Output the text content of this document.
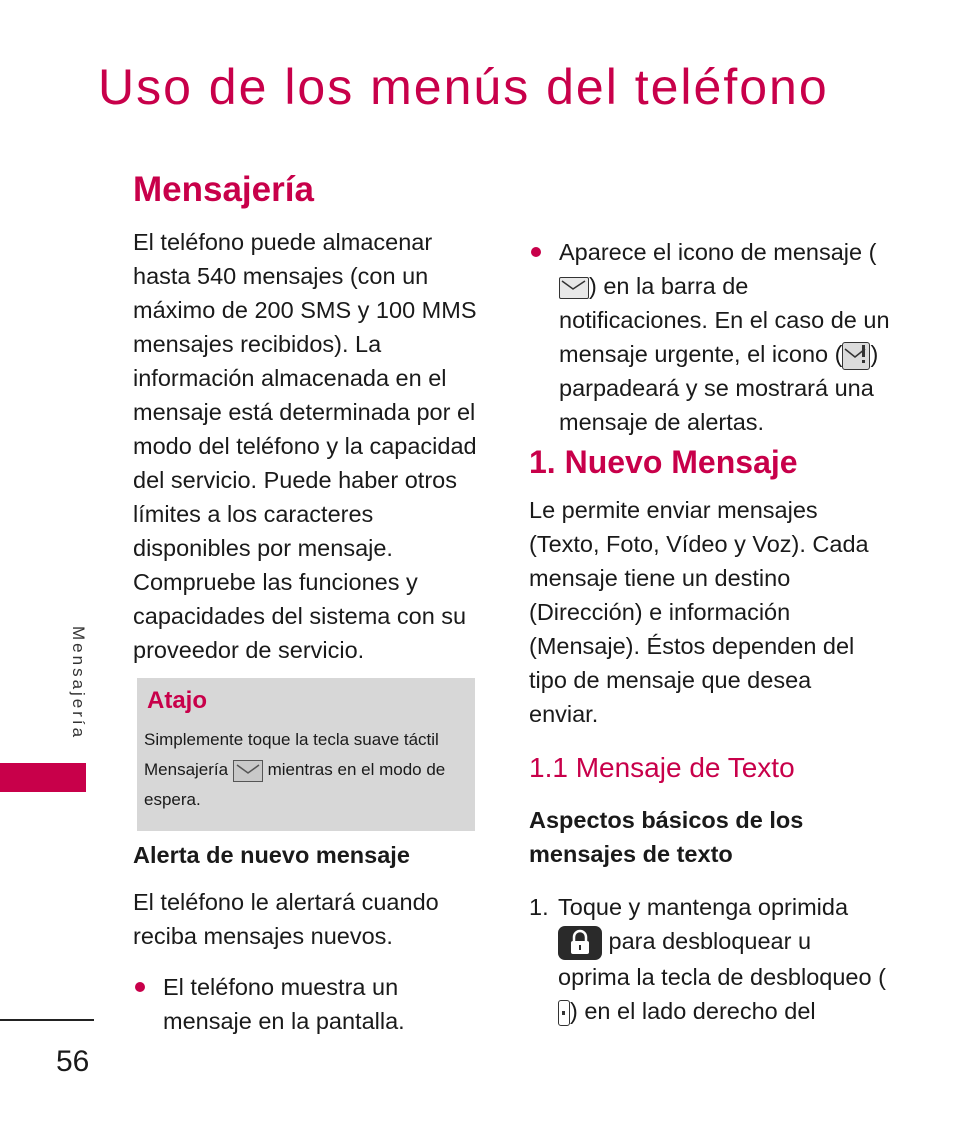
Uso de los menús del teléfono
Mensajería

El teléfono puede almacenar hasta 540 mensajes (con un máximo de 200 SMS y 100 MMS mensajes recibidos). La información almacenada en el mensaje está determinada por el modo del teléfono y la capacidad del servicio. Puede haber otros límites a los caracteres disponibles por mensaje. Compruebe las funciones y capacidades del sistema con su proveedor de servicio.

Atajo

Simplemente toque la tecla suave táctil Mensajería mientras en el modo de espera.

Alerta de nuevo mensaje

El teléfono le alertará cuando reciba mensajes nuevos.

El teléfono muestra un mensaje en la pantalla.

Aparece el icono de mensaje (
) en la barra de notificaciones. En el caso de un mensaje urgente, el icono ( ) parpadeará y se mostrará una mensaje de alertas.

1. Nuevo Mensaje

Le permite enviar mensajes (Texto, Foto, Vídeo y Voz). Cada mensaje tiene un destino (Dirección) e información (Mensaje). Éstos dependen del tipo de mensaje que desea enviar.

1.1 Mensaje de Texto

Aspectos básicos de los mensajes de texto

1. Toque y mantenga oprimida
para desbloquear u oprima la tecla de desbloqueo (
) en el lado derecho del

Mensajería
56
